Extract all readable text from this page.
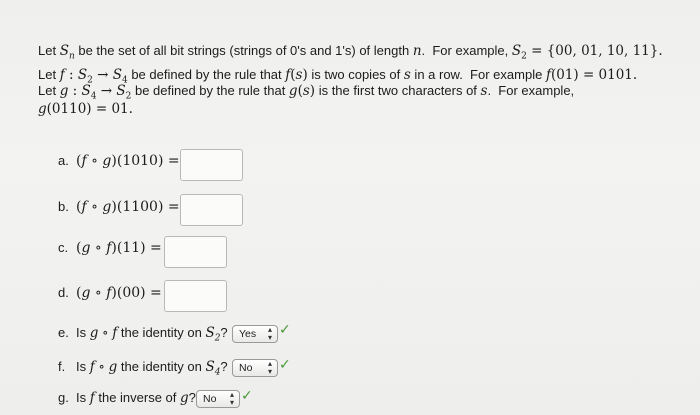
Let $S_n$ be the set of all bit strings (strings of 0's and 1's) of length n.  For example, $S_2 = \{00$, 01, 10, 11}.
Let f : $S_2 \to S_4$ be defined by the rule that f(s) is two copies of s in a row.  For example f(01) = 0101.
Let g : $S_4 \to S_2$ be defined by the rule that g(s) is the first two characters of s.  For example,
g(0110) = 01.
a. (f ∘ g)(1010) =
b. (f ∘ g)(1100) =
c. (g ∘ f)(11) =
d. (g ∘ f)(00) =
e. Is g ∘ f the identity on $S_2$?	Yes ▴
▾ ✓
f. Is f ∘ g the identity on $S_4$?	No ▴
▾ ✓
g. Is f the inverse of g? No ▴
▾ ✓
